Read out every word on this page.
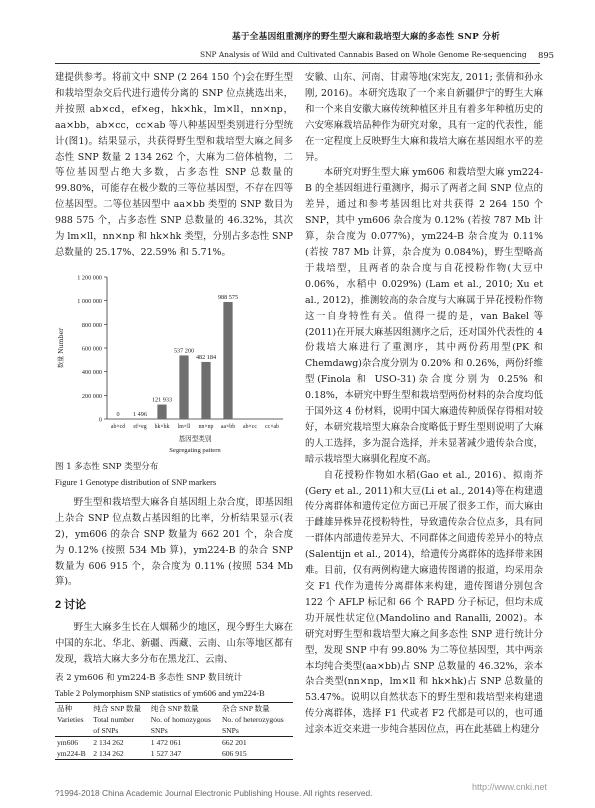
基于全基因组重测序的野生型大麻和栽培型大麻的多态性 SNP 分析
SNP Analysis of Wild and Cultivated Cannabis Based on Whole Genome Re-sequencing 895

建提供参考。将前文中 SNP (2 264 150 个)会在野生型和栽培型杂交后代进行遗传分离的 SNP 位点挑选出来，并按照 ab×cd，ef×eg，hk×hk，lm×ll，nn×np，aa×bb，ab×cc，cc×ab 等八种基因型类别进行分型统计(图1)。结果显示，共获得野生型和栽培型大麻之间多态性 SNP 数量 2 134 262 个，大麻为二倍体植物，二等位基因型占绝大多数，占多态性 SNP 总数量的 99.80%，可能存在极少数的三等位基因型，不存在四等位基因型。二等位基因型中 aa×bb 类型的 SNP 数目为 988 575 个，占多态性 SNP 总数量的 46.32%，其次为 lm×ll，nn×np 和 hk×hk 类型，分别占多态性 SNP 总数量的 25.17%、22.59% 和 5.71%。

0
200 000
400 000
600 000
800 000
1 000 000
1 200 000
0
ab×cd
1 496
ef×eg
121 933
hk×hk
537 200
lm×ll
482 184
nn×np
988 575
aa×bb ab×cc cc×ab
数量 Number
基因型类别
Segregating pattern
图 1 多态性 SNP 类型分布
Figure 1 Genotype distribution of SNP markers

野生型和栽培型大麻各自基因组上杂合度，即基因组上杂合 SNP 位点数占基因组的比率，分析结果显示(表 2)，ym606 的杂合 SNP 数量为 662 201 个，杂合度为 0.12% (按照 534 Mb 算)，ym224-B 的杂合 SNP 数量为 606 915 个，杂合度为 0.11% (按照 534 Mb 算)。

2 讨论

野生大麻多生长在人烟稀少的地区，现今野生大麻在中国的东北、华北、新疆、西藏、云南、山东等地区都有发现，栽培大麻大多分布在黑龙江、云南、

表 2 ym606 和 ym224-B 多态性 SNP 数目统计
Table 2 Polymorphism SNP statistics of ym606 and ym224-B
品种	纯合 SNP 数量	纯合 SNP 数量	杂合 SNP 数量
Varieties	Total number	No. of homozygous	No. of heterozygous
	of SNPs	SNPs	SNPs
ym606	2 134 262	1 472 061	662 201
ym224-B	2 134 262	1 527 347	606 915

安徽、山东、河南、甘肃等地(宋宪友, 2011; 张倩和孙永刚, 2016)。本研究选取了一个来自新疆伊宁的野生大麻和一个来自安徽大麻传统种植区并且有着多年种植历史的六安寒麻栽培品种作为研究对象，具有一定的代表性，能在一定程度上反映野生大麻和栽培大麻在基因组水平的差异。

本研究对野生型大麻 ym606 和栽培型大麻 ym224-B 的全基因组进行重测序，揭示了两者之间 SNP 位点的差异，通过和参考基因组比对共获得 2 264 150 个 SNP，其中 ym606 杂合度为 0.12% (若按 787 Mb 计算，杂合度为 0.077%)，ym224-B 杂合度为 0.11% (若按 787 Mb 计算，杂合度为 0.084%)，野生型略高于栽培型，且两者的杂合度与自花授粉作物(大豆中 0.06%，水稻中 0.029%) (Lam et al., 2010; Xu et al., 2012)，推测较高的杂合度与大麻属于异花授粉作物这一自身特性有关。值得一提的是，van Bakel 等(2011)在开展大麻基因组测序之后，还对国外代表性的 4 份栽培大麻进行了重测序，其中两份药用型(PK 和 Chemdawg)杂合度分别为 0.20% 和 0.26%，两份纤维型(Finola 和 USO-31)杂合度分别为 0.25% 和 0.18%，本研究中野生型和栽培型两份材料的杂合度均低于国外这 4 份材料，说明中国大麻遗传种质保存得相对较好，本研究栽培型大麻杂合度略低于野生型则说明了大麻的人工选择，多为混合选择，并未显著减少遗传杂合度，暗示栽培型大麻驯化程度不高。

自花授粉作物如水稻(Gao et al., 2016)、拟南芥(Gery et al., 2011)和大豆(Li et al., 2014)等在构建遗传分离群体和遗传定位方面已开展了很多工作，而大麻由于雌雄异株异花授粉特性，导致遗传杂合位点多，具有同一群体内部遗传差异大、不同群体之间遗传差异小的特点(Salentijn et al., 2014)，给遗传分离群体的选择带来困难。目前，仅有两例构建大麻遗传图谱的报道，均采用杂交 F1 代作为遗传分离群体来构建，遗传图谱分别包含 122 个 AFLP 标记和 66 个 RAPD 分子标记，但均未成功开展性状定位(Mandolino and Ranalli, 2002)。本研究对野生型和栽培型大麻之间多态性 SNP 进行统计分型，发现 SNP 中有 99.80% 为二等位基因型，其中两亲本均纯合类型(aa×bb)占 SNP 总数量的 46.32%，亲本杂合类型(nn×np，lm×ll 和 hk×hk)占 SNP 总数量的 53.47%。说明以自然状态下的野生型和栽培型来构建遗传分离群体，选择 F1 代或者 F2 代都是可以的，也可通过亲本近交来进一步纯合基因位点，再在此基础上构建分

?1994-2018 China Academic Journal Electronic Publishing House. All rights reserved.
http://www.cnki.net
